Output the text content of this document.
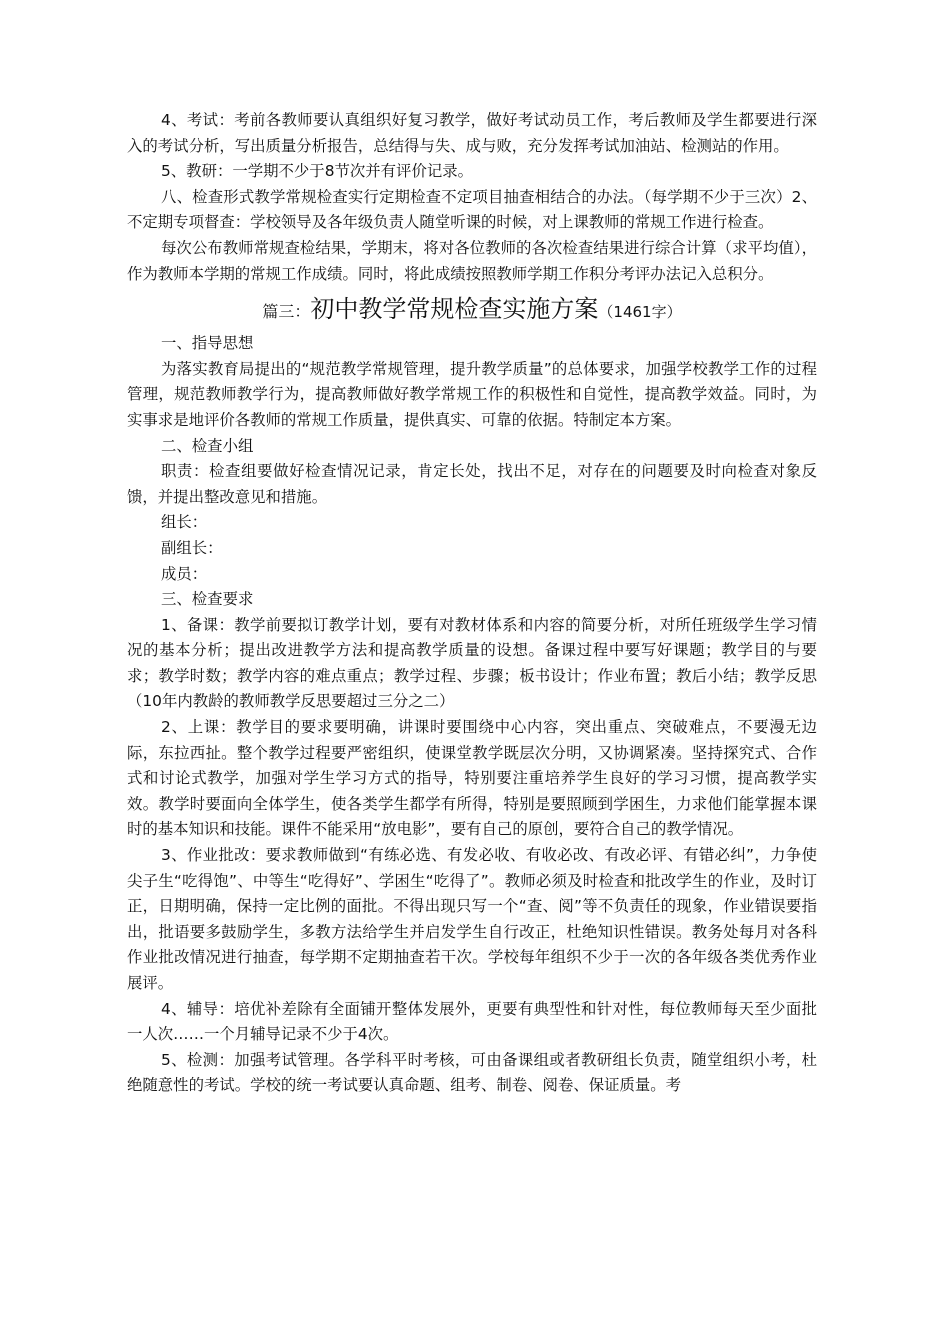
4、考试：考前各教师要认真组织好复习教学，做好考试动员工作，考后教师及学生都要进行深入的考试分析，写出质量分析报告，总结得与失、成与败，充分发挥考试加油站、检测站的作用。

5、教研：一学期不少于8节次并有评价记录。

八、检查形式教学常规检查实行定期检查不定项目抽查相结合的办法。（每学期不少于三次）2、不定期专项督查：学校领导及各年级负责人随堂听课的时候，对上课教师的常规工作进行检查。

每次公布教师常规查检结果，学期末，将对各位教师的各次检查结果进行综合计算（求平均值），作为教师本学期的常规工作成绩。同时，将此成绩按照教师学期工作积分考评办法记入总积分。

篇三：初中教学常规检查实施方案（1461字）

一、指导思想

为落实教育局提出的“规范教学常规管理，提升教学质量”的总体要求，加强学校教学工作的过程管理，规范教师教学行为，提高教师做好教学常规工作的积极性和自觉性，提高教学效益。同时，为实事求是地评价各教师的常规工作质量，提供真实、可靠的依据。特制定本方案。

二、检查小组

职责：检查组要做好检查情况记录，肯定长处，找出不足，对存在的问题要及时向检查对象反馈，并提出整改意见和措施。

组长：

副组长：

成员：

三、检查要求

1、备课：教学前要拟订教学计划，要有对教材体系和内容的简要分析，对所任班级学生学习情况的基本分析；提出改进教学方法和提高教学质量的设想。备课过程中要写好课题；教学目的与要求；教学时数；教学内容的难点重点；教学过程、步骤；板书设计；作业布置；教后小结；教学反思（10年内教龄的教师教学反思要超过三分之二）

2、上课：教学目的要求要明确，讲课时要围绕中心内容，突出重点、突破难点，不要漫无边际，东拉西扯。整个教学过程要严密组织，使课堂教学既层次分明，又协调紧凑。坚持探究式、合作式和讨论式教学，加强对学生学习方式的指导，特别要注重培养学生良好的学习习惯，提高教学实效。教学时要面向全体学生，使各类学生都学有所得，特别是要照顾到学困生，力求他们能掌握本课时的基本知识和技能。课件不能采用“放电影”，要有自己的原创，要符合自己的教学情况。

3、作业批改：要求教师做到“有练必选、有发必收、有收必改、有改必评、有错必纠”，力争使尖子生“吃得饱”、中等生“吃得好”、学困生“吃得了”。教师必须及时检查和批改学生的作业，及时订正，日期明确，保持一定比例的面批。不得出现只写一个“查、阅”等不负责任的现象，作业错误要指出，批语要多鼓励学生，多教方法给学生并启发学生自行改正，杜绝知识性错误。教务处每月对各科作业批改情况进行抽查，每学期不定期抽查若干次。学校每年组织不少于一次的各年级各类优秀作业展评。

4、辅导：培优补差除有全面铺开整体发展外，更要有典型性和针对性，每位教师每天至少面批一人次……一个月辅导记录不少于4次。

5、检测：加强考试管理。各学科平时考核，可由备课组或者教研组长负责，随堂组织小考，杜绝随意性的考试。学校的统一考试要认真命题、组考、制卷、阅卷、保证质量。考
